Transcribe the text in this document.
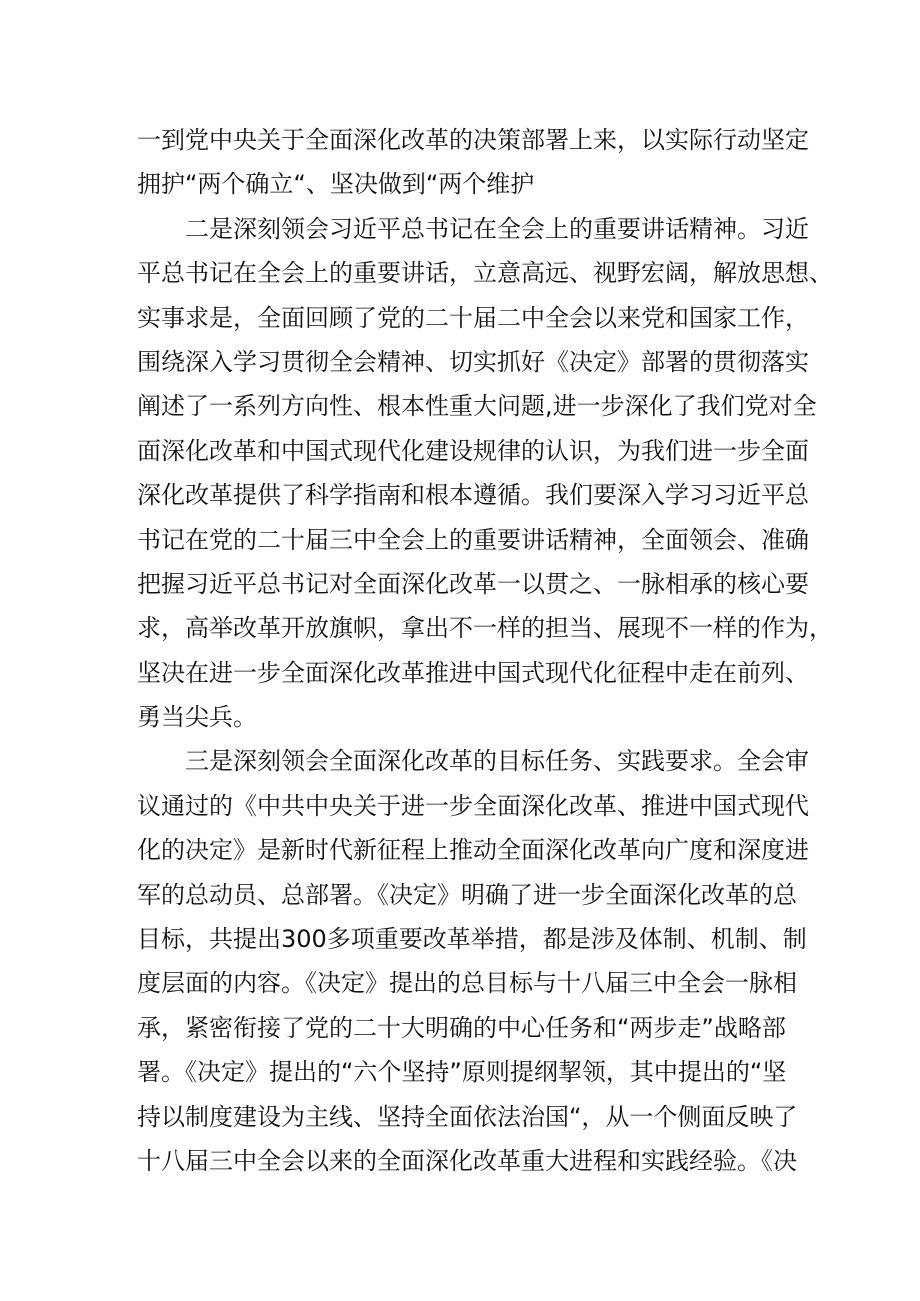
一到党中央关于全面深化改革的决策部署上来，以实际行动坚定
拥护“两个确立“、坚决做到“两个维护
二是深刻领会习近平总书记在全会上的重要讲话精神。习近
平总书记在全会上的重要讲话，立意高远、视野宏阔，解放思想、
实事求是，全面回顾了党的二十届二中全会以来党和国家工作，
围绕深入学习贯彻全会精神、切实抓好《决定》部署的贯彻落实
阐述了一系列方向性、根本性重大问题,进一步深化了我们党对全
面深化改革和中国式现代化建设规律的认识，为我们进一步全面
深化改革提供了科学指南和根本遵循。我们要深入学习习近平总
书记在党的二十届三中全会上的重要讲话精神，全面领会、准确
把握习近平总书记对全面深化改革一以贯之、一脉相承的核心要
求，高举改革开放旗帜，拿出不一样的担当、展现不一样的作为，
坚决在进一步全面深化改革推进中国式现代化征程中走在前列、
勇当尖兵。
三是深刻领会全面深化改革的目标任务、实践要求。全会审
议通过的《中共中央关于进一步全面深化改革、推进中国式现代
化的决定》是新时代新征程上推动全面深化改革向广度和深度进
军的总动员、总部署。《决定》明确了进一步全面深化改革的总
目标，共提出300多项重要改革举措，都是涉及体制、机制、制
度层面的内容。《决定》提出的总目标与十八届三中全会一脉相
承，紧密衔接了党的二十大明确的中心任务和“两步走”战略部
署。《决定》提出的“六个坚持”原则提纲挈领，其中提出的“坚
持以制度建设为主线、坚持全面依法治国“，从一个侧面反映了
十八届三中全会以来的全面深化改革重大进程和实践经验。《决
